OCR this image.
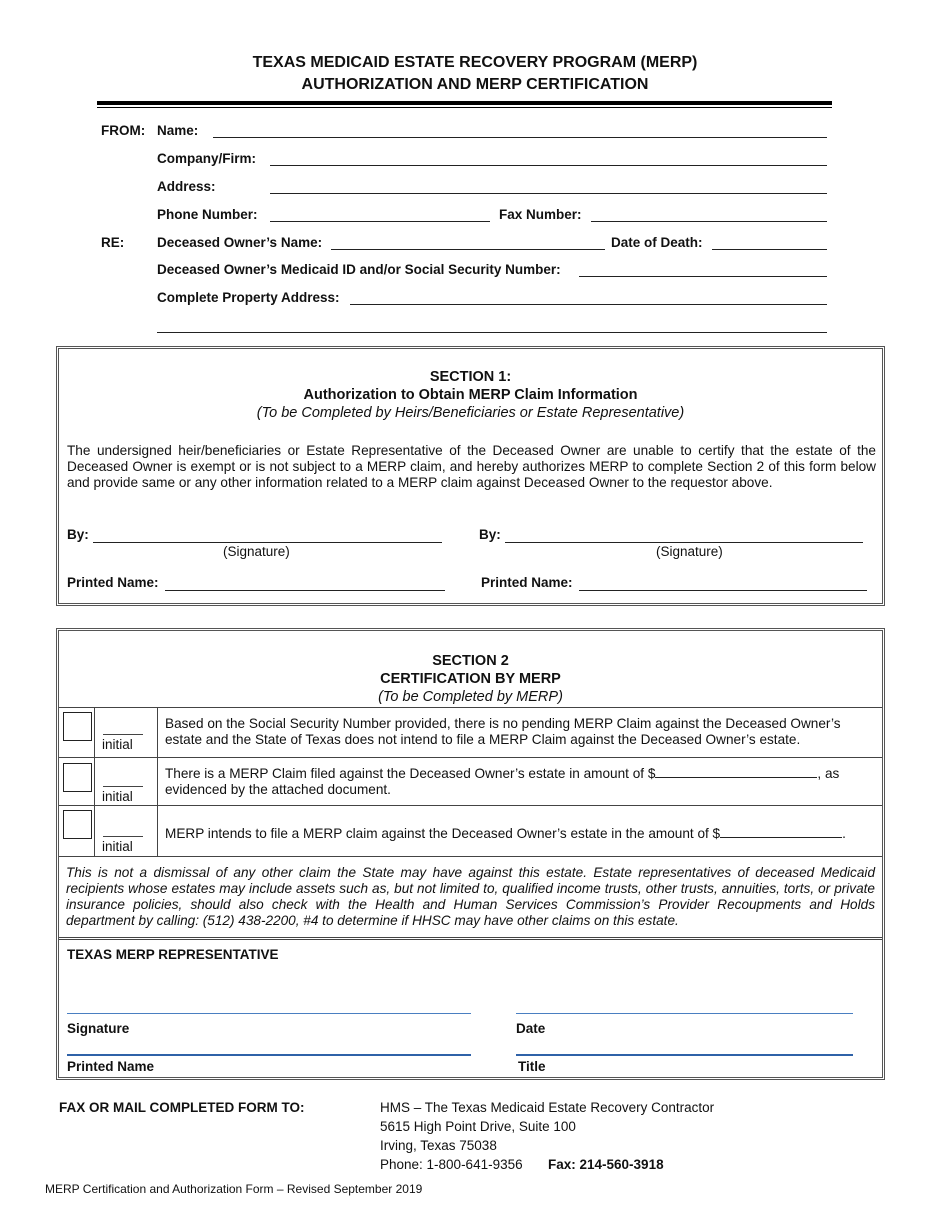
TEXAS MEDICAID ESTATE RECOVERY PROGRAM (MERP)
AUTHORIZATION AND MERP CERTIFICATION
FROM: Name:
Company/Firm:
Address:
Phone Number:	Fax Number:
RE: Deceased Owner’s Name:	Date of Death:
Deceased Owner’s Medicaid ID and/or Social Security Number:
Complete Property Address:
SECTION 1:
Authorization to Obtain MERP Claim Information
(To be Completed by Heirs/Beneficiaries or Estate Representative)
The undersigned heir/beneficiaries or Estate Representative of the Deceased Owner are unable to certify that the estate of the Deceased Owner is exempt or is not subject to a MERP claim, and hereby authorizes MERP to complete Section 2 of this form below and provide same or any other information related to a MERP claim against Deceased Owner to the requestor above.
By:
(Signature)
By:
(Signature)
Printed Name:	Printed Name:
SECTION 2
CERTIFICATION BY MERP
(To be Completed by MERP)
initial
Based on the Social Security Number provided, there is no pending MERP Claim against the Deceased Owner’s estate and the State of Texas does not intend to file a MERP Claim against the Deceased Owner’s estate.
initial
There is a MERP Claim filed against the Deceased Owner’s estate in amount of $	, as
evidenced by the attached document.
initial
MERP intends to file a MERP claim against the Deceased Owner’s estate in the amount of $	.
This is not a dismissal of any other claim the State may have against this estate. Estate representatives of deceased Medicaid recipients whose estates may include assets such as, but not limited to, qualified income trusts, other trusts, annuities, torts, or private insurance policies, should also check with the Health and Human Services Commission’s Provider Recoupments and Holds department by calling: (512) 438-2200, #4 to determine if HHSC may have other claims on this estate.
TEXAS MERP REPRESENTATIVE
Signature	Date
Printed Name	Title
FAX OR MAIL COMPLETED FORM TO:	HMS – The Texas Medicaid Estate Recovery Contractor
5615 High Point Drive, Suite 100
Irving, Texas 75038
Phone: 1-800-641-9356 Fax: 214-560-3918
MERP Certification and Authorization Form – Revised September 2019
